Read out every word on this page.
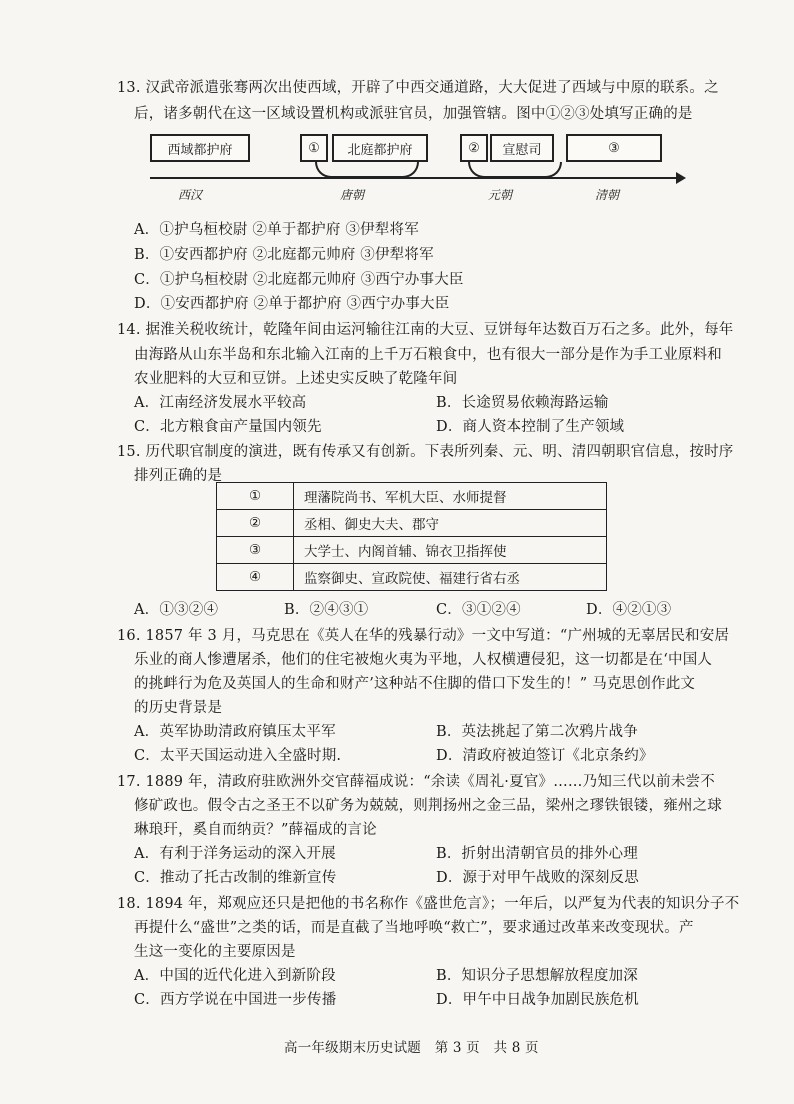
13. 汉武帝派遣张骞两次出使西域，开辟了中西交通道路，大大促进了西域与中原的联系。之
后，诸多朝代在这一区域设置机构或派驻官员，加强管辖。图中①②③处填写正确的是
西域都护府	①	北庭都护府	②	宣慰司	③
西汉	唐朝	元朝	清朝
A．①护乌桓校尉 ②单于都护府 ③伊犁将军
B．①安西都护府 ②北庭都元帅府 ③伊犁将军
C．①护乌桓校尉 ②北庭都元帅府 ③西宁办事大臣
D．①安西都护府 ②单于都护府 ③西宁办事大臣
14. 据淮关税收统计，乾隆年间由运河输往江南的大豆、豆饼每年达数百万石之多。此外，每年
由海路从山东半岛和东北输入江南的上千万石粮食中，也有很大一部分是作为手工业原料和
农业肥料的大豆和豆饼。上述史实反映了乾隆年间
A．江南经济发展水平较高	B．长途贸易依赖海路运输
C．北方粮食亩产量国内领先	D．商人资本控制了生产领域
15. 历代职官制度的演进，既有传承又有创新。下表所列秦、元、明、清四朝职官信息，按时序
排列正确的是
①	理藩院尚书、军机大臣、水师提督
②	丞相、御史大夫、郡守
③	大学士、内阁首辅、锦衣卫指挥使
④	监察御史、宣政院使、福建行省右丞
A．①③②④	B．②④③①	C．③①②④	D．④②①③
16. 1857 年 3 月，马克思在《英人在华的残暴行动》一文中写道：“广州城的无辜居民和安居
乐业的商人惨遭屠杀，他们的住宅被炮火夷为平地，人权横遭侵犯，这一切都是在‘中国人
的挑衅行为危及英国人的生命和财产’这种站不住脚的借口下发生的！” 马克思创作此文
的历史背景是
A．英军协助清政府镇压太平军	B．英法挑起了第二次鸦片战争
C．太平天国运动进入全盛时期.	D．清政府被迫签订《北京条约》
17. 1889 年，清政府驻欧洲外交官薛福成说：“余读《周礼·夏官》……乃知三代以前未尝不
修矿政也。假令古之圣王不以矿务为兢兢，则荆扬州之金三品，梁州之璆铁银镂，雍州之球
琳琅玕，奚自而纳贡？”薛福成的言论
A．有利于洋务运动的深入开展	B．折射出清朝官员的排外心理
C．推动了托古改制的维新宣传	D．源于对甲午战败的深刻反思
18. 1894 年，郑观应还只是把他的书名称作《盛世危言》；一年后，以严复为代表的知识分子不
再提什么“盛世”之类的话，而是直截了当地呼唤“救亡”，要求通过改革来改变现状。产
生这一变化的主要原因是
A．中国的近代化进入到新阶段	B．知识分子思想解放程度加深
C．西方学说在中国进一步传播	D．甲午中日战争加剧民族危机
高一年级期末历史试题　第 3 页　共 8 页
